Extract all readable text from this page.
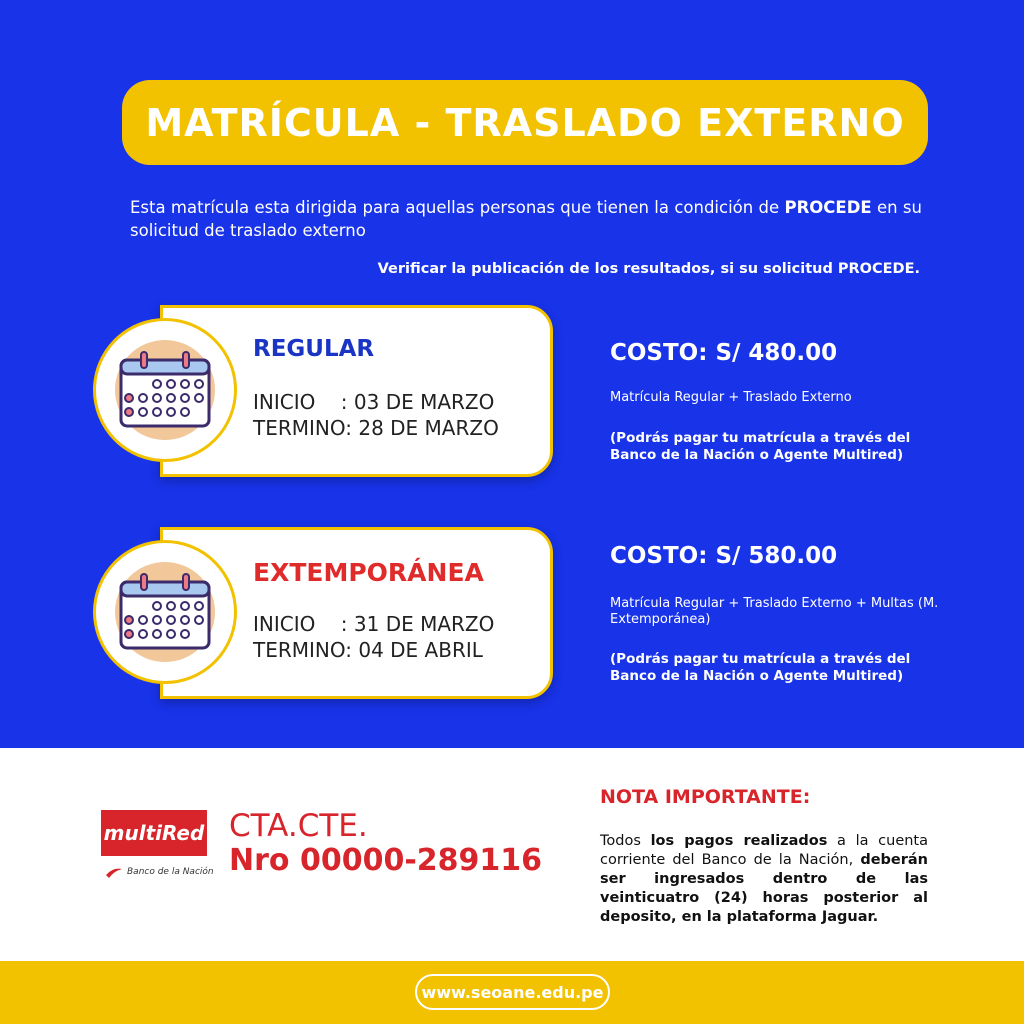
MATRÍCULA - TRASLADO EXTERNO

Esta matrícula esta dirigida para aquellas personas que tienen la condición de PROCEDE en su solicitud de traslado externo

Verificar la publicación de los resultados, si su solicitud PROCEDE.
REGULAR
INICIO    : 03 DE MARZO
TERMINO: 28 DE MARZO
COSTO: S/ 480.00
Matrícula Regular + Traslado Externo
(Podrás pagar tu matrícula a través del Banco de la Nación o Agente Multired)
EXTEMPORÁNEA
INICIO    : 31 DE MARZO
TERMINO: 04 DE ABRIL
COSTO: S/ 580.00
Matrícula Regular + Traslado Externo + Multas (M. Extemporánea)
(Podrás pagar tu matrícula a través del Banco de la Nación o Agente Multired)
multiRed
Banco de la Nación
CTA.CTE.
Nro 00000-289116
NOTA IMPORTANTE:

Todos los pagos realizados a la cuenta corriente del Banco de la Nación, deberán ser ingresados dentro de las veinticuatro (24) horas posterior al deposito, en la plataforma Jaguar.

www.seoane.edu.pe
